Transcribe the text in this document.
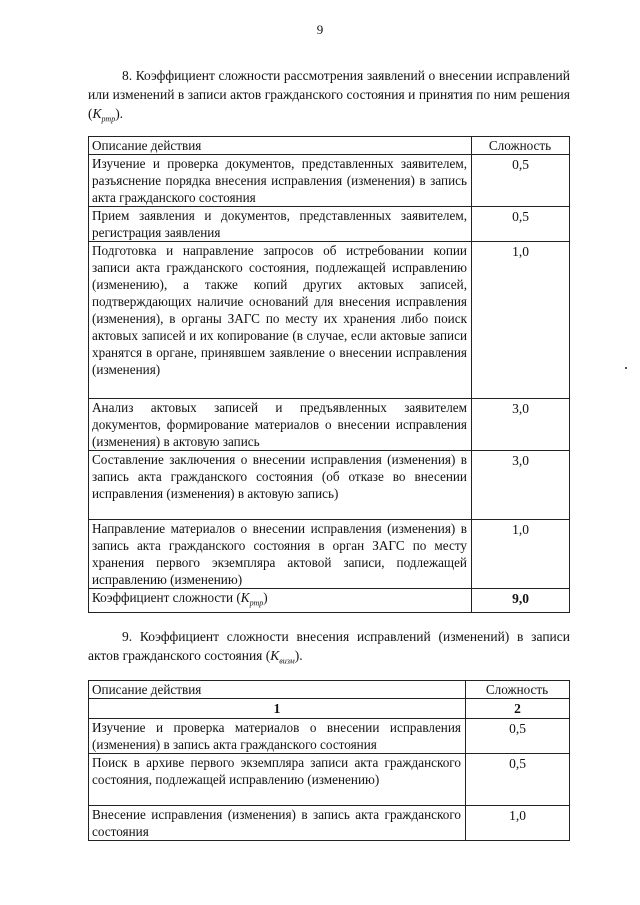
9
8. Коэффициент сложности рассмотрения заявлений о внесении исправлений или изменений в записи актов гражданского состояния и принятия по ним решения $(K_{ртр})$.
Описание действия	Сложность
Изучение и проверка документов, представленных заявителем, разъяснение порядка внесения исправления (изменения) в запись акта гражданского состояния	0,5
Прием заявления и документов, представленных заявителем, регистрация заявления	0,5
Подготовка и направление запросов об истребовании копии записи акта гражданского состояния, подлежащей исправлению (изменению), а также копий других актовых записей, подтверждающих наличие оснований для внесения исправления (изменения), в органы ЗАГС по месту их хранения либо поиск актовых записей и их копирование (в случае, если актовые записи хранятся в органе, принявшем заявление о внесении исправления (изменения)	1,0
Анализ актовых записей и предъявленных заявителем документов, формирование материалов о внесении исправления (изменения) в актовую запись	3,0
Составление заключения о внесении исправления (изменения) в запись акта гражданского состояния (об отказе во внесении исправления (изменения) в актовую запись)	3,0
Направление материалов о внесении исправления (изменения) в запись акта гражданского состояния в орган ЗАГС по месту хранения первого экземпляра актовой записи, подлежащей исправлению (изменению)	1,0
Коэффициент сложности $(K_{ртр})$	9,0
9. Коэффициент сложности внесения исправлений (изменений) в записи актов гражданского состояния $(K_{визм})$.
Описание действия	Сложность
1	2
Изучение и проверка материалов о внесении исправления (изменения) в запись акта гражданского состояния	0,5
Поиск в архиве первого экземпляра записи акта гражданского состояния, подлежащей исправлению (изменению)	0,5
Внесение исправления (изменения) в запись акта гражданского состояния	1,0
